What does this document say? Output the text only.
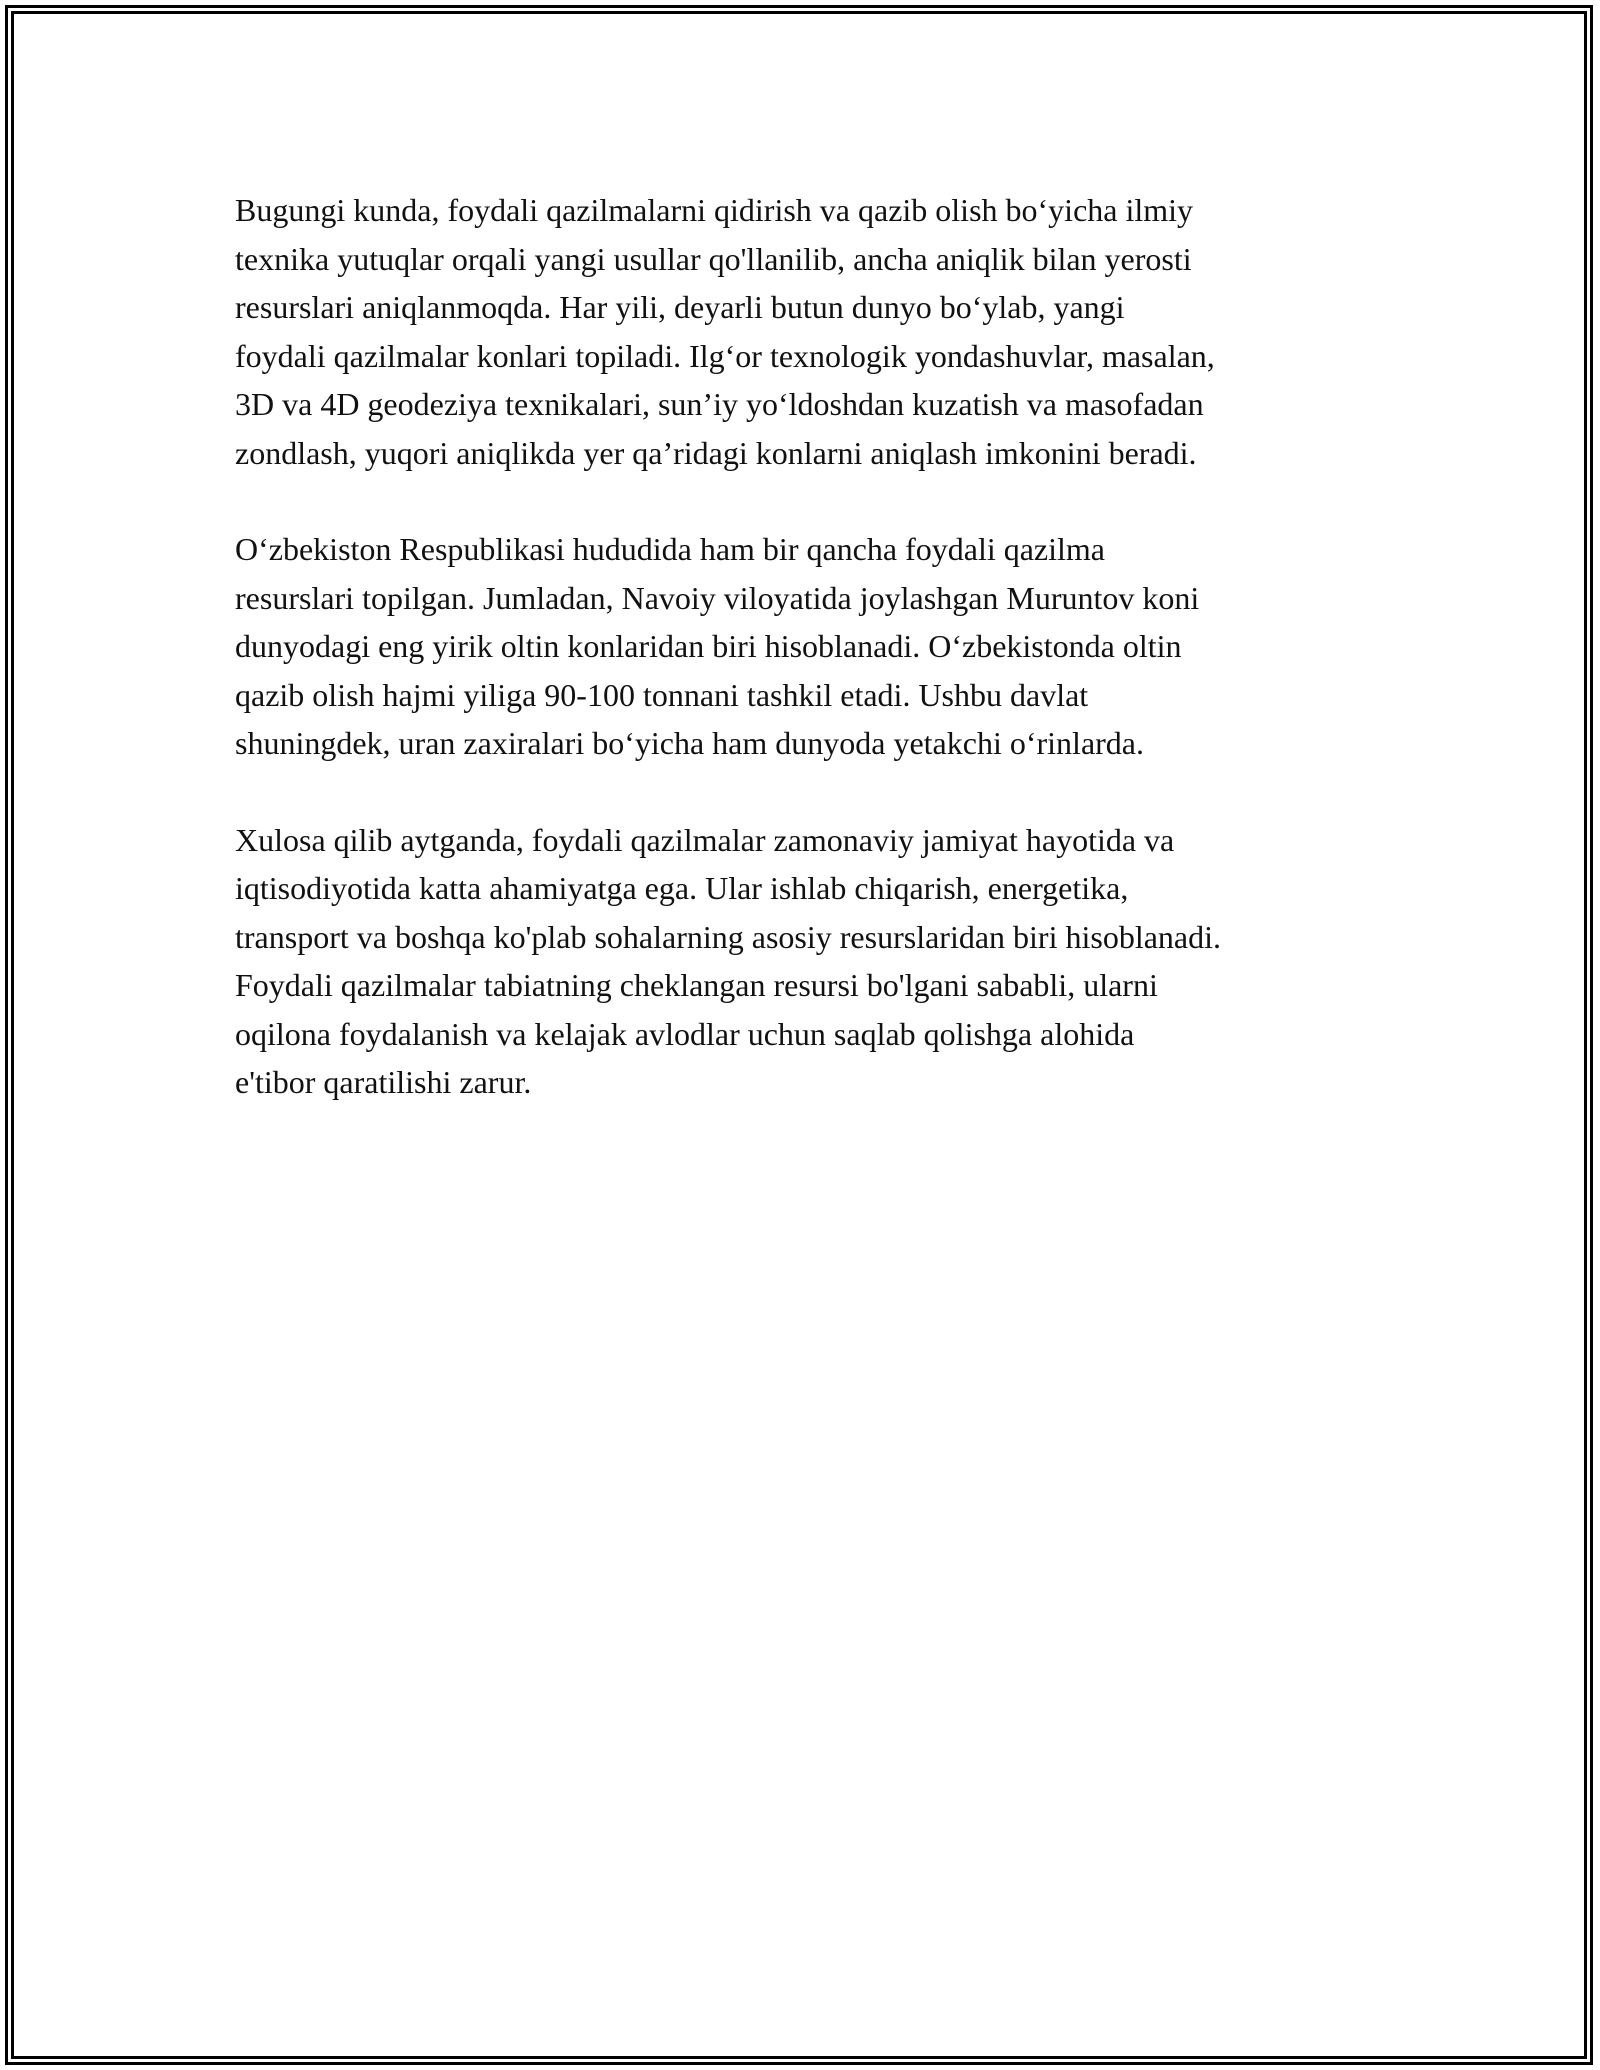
Bugungi kunda, foydali qazilmalarni qidirish va qazib olish bo‘yicha ilmiy
texnika yutuqlar orqali yangi usullar qo'llanilib, ancha aniqlik bilan yerosti
resurslari aniqlanmoqda. Har yili, deyarli butun dunyo bo‘ylab, yangi
foydali qazilmalar konlari topiladi. Ilg‘or texnologik yondashuvlar, masalan,
3D va 4D geodeziya texnikalari, sun’iy yo‘ldoshdan kuzatish va masofadan
zondlash, yuqori aniqlikda yer qa’ridagi konlarni aniqlash imkonini beradi.

O‘zbekiston Respublikasi hududida ham bir qancha foydali qazilma
resurslari topilgan. Jumladan, Navoiy viloyatida joylashgan Muruntov koni
dunyodagi eng yirik oltin konlaridan biri hisoblanadi. O‘zbekistonda oltin
qazib olish hajmi yiliga 90-100 tonnani tashkil etadi. Ushbu davlat
shuningdek, uran zaxiralari bo‘yicha ham dunyoda yetakchi o‘rinlarda.

Xulosa qilib aytganda, foydali qazilmalar zamonaviy jamiyat hayotida va
iqtisodiyotida katta ahamiyatga ega. Ular ishlab chiqarish, energetika,
transport va boshqa ko'plab sohalarning asosiy resurslaridan biri hisoblanadi.
Foydali qazilmalar tabiatning cheklangan resursi bo'lgani sababli, ularni
oqilona foydalanish va kelajak avlodlar uchun saqlab qolishga alohida
e'tibor qaratilishi zarur.
